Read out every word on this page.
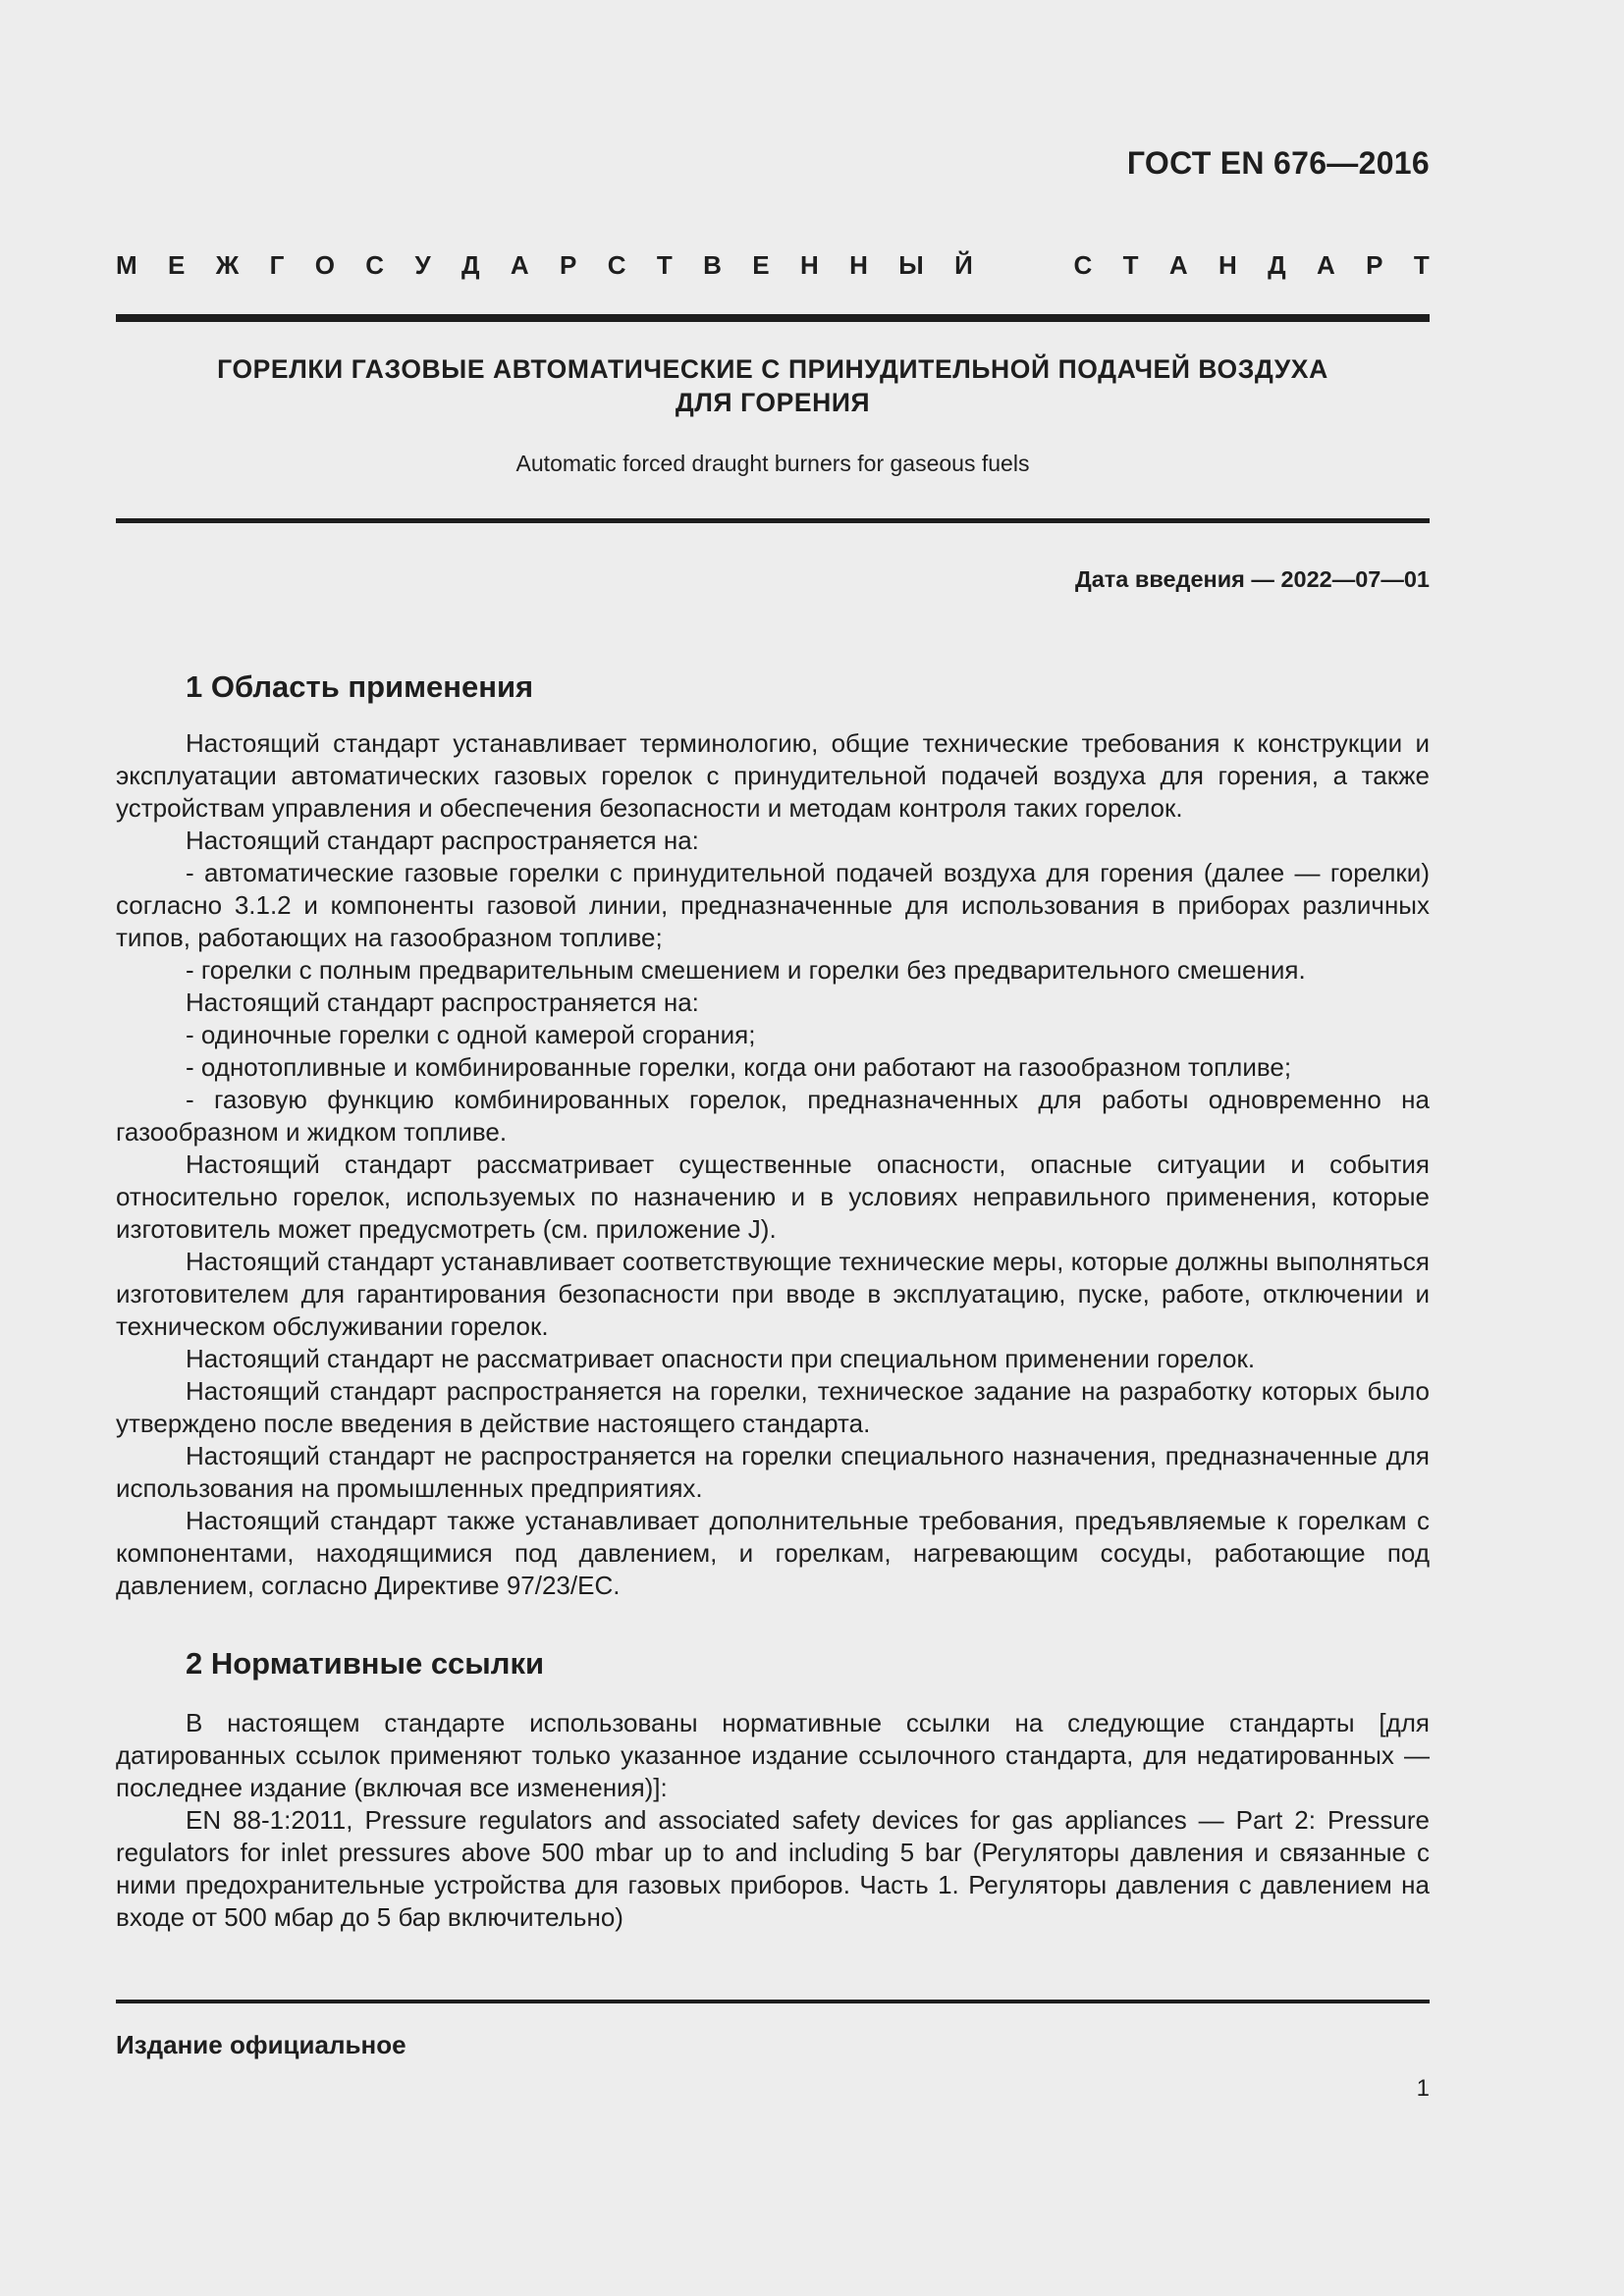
ГОСТ EN 676—2016
М Е Ж Г О С У Д А Р С Т В Е Н Н Ы Й	С Т А Н Д А Р Т
ГОРЕЛКИ ГАЗОВЫЕ АВТОМАТИЧЕСКИЕ С ПРИНУДИТЕЛЬНОЙ ПОДАЧЕЙ ВОЗДУХА
ДЛЯ ГОРЕНИЯ
Automatic forced draught burners for gaseous fuels
Дата введения — 2022—07—01
1 Область применения

Настоящий стандарт устанавливает терминологию, общие технические требования к конструкции и эксплуатации автоматических газовых горелок с принудительной подачей воздуха для горения, а также устройствам управления и обеспечения безопасности и методам контроля таких горелок.

Настоящий стандарт распространяется на:

- автоматические газовые горелки с принудительной подачей воздуха для горения (далее — горелки) согласно 3.1.2 и компоненты газовой линии, предназначенные для использования в приборах различных типов, работающих на газообразном топливе;

- горелки с полным предварительным смешением и горелки без предварительного смешения.

Настоящий стандарт распространяется на:

- одиночные горелки с одной камерой сгорания;

- однотопливные и комбинированные горелки, когда они работают на газообразном топливе;

- газовую функцию комбинированных горелок, предназначенных для работы одновременно на газообразном и жидком топливе.

Настоящий стандарт рассматривает существенные опасности, опасные ситуации и события относительно горелок, используемых по назначению и в условиях неправильного применения, которые изготовитель может предусмотреть (см. приложение J).

Настоящий стандарт устанавливает соответствующие технические меры, которые должны выполняться изготовителем для гарантирования безопасности при вводе в эксплуатацию, пуске, работе, отключении и техническом обслуживании горелок.

Настоящий стандарт не рассматривает опасности при специальном применении горелок.

Настоящий стандарт распространяется на горелки, техническое задание на разработку которых было утверждено после введения в действие настоящего стандарта.

Настоящий стандарт не распространяется на горелки специального назначения, предназначенные для использования на промышленных предприятиях.

Настоящий стандарт также устанавливает дополнительные требования, предъявляемые к горелкам с компонентами, находящимися под давлением, и горелкам, нагревающим сосуды, работающие под давлением, согласно Директиве 97/23/ЕС.

2 Нормативные ссылки

В настоящем стандарте использованы нормативные ссылки на следующие стандарты [для датированных ссылок применяют только указанное издание ссылочного стандарта, для недатированных — последнее издание (включая все изменения)]:

EN 88-1:2011, Pressure regulators and associated safety devices for gas appliances — Part 2: Pressure regulators for inlet pressures above 500 mbar up to and including 5 bar (Регуляторы давления и связанные с ними предохранительные устройства для газовых приборов. Часть 1. Регуляторы давления с давлением на входе от 500 мбар до 5 бар включительно)

Издание официальное
1
